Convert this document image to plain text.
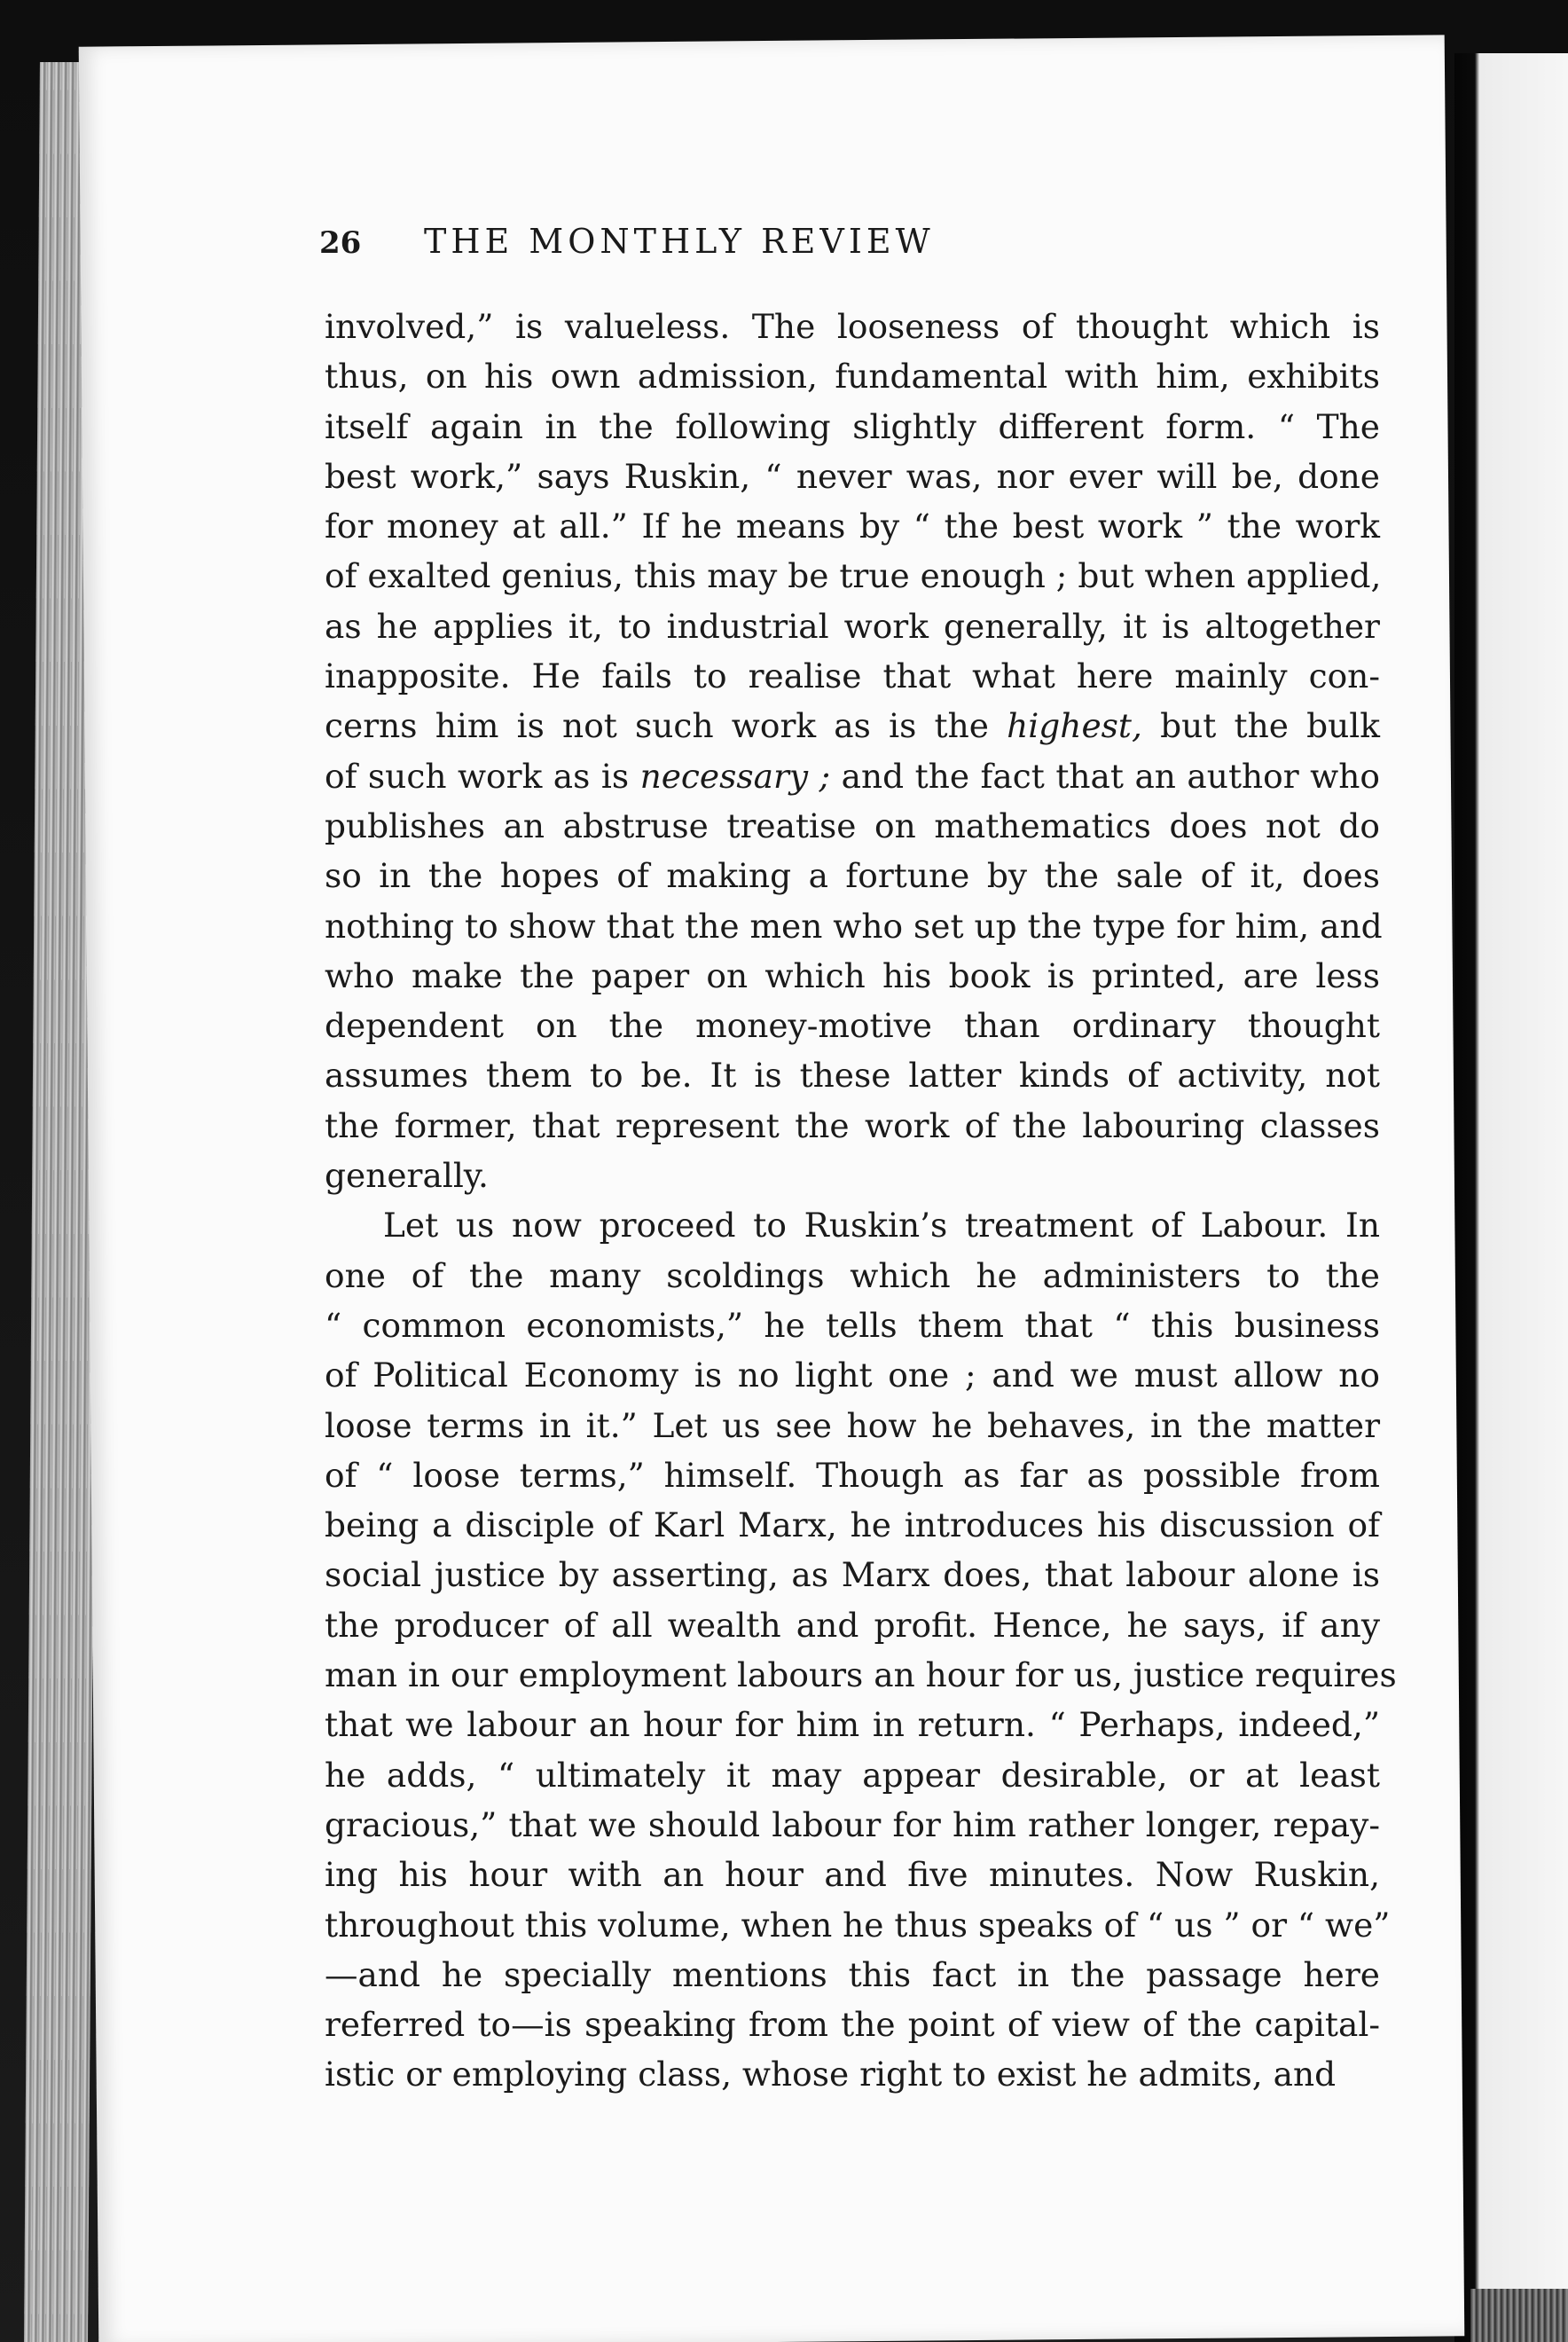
26	THE MONTHLY REVIEW
involved,” is valueless. The looseness of thought which is
thus, on his own admission, fundamental with him, exhibits
itself again in the following slightly different form. “ The
best work,” says Ruskin, “ never was, nor ever will be, done
for money at all.” If he means by “ the best work ” the work
of exalted genius, this may be true enough ; but when applied,
as he applies it, to industrial work generally, it is altogether
inapposite. He fails to realise that what here mainly con-
cerns him is not such work as is the highest, but the bulk
of such work as is necessary ; and the fact that an author who
publishes an abstruse treatise on mathematics does not do
so in the hopes of making a fortune by the sale of it, does
nothing to show that the men who set up the type for him, and
who make the paper on which his book is printed, are less
dependent on the money-motive than ordinary thought
assumes them to be. It is these latter kinds of activity, not
the former, that represent the work of the labouring classes
generally.
Let us now proceed to Ruskin’s treatment of Labour. In
one of the many scoldings which he administers to the
“ common economists,” he tells them that “ this business
of Political Economy is no light one ; and we must allow no
loose terms in it.” Let us see how he behaves, in the matter
of “ loose terms,” himself. Though as far as possible from
being a disciple of Karl Marx, he introduces his discussion of
social justice by asserting, as Marx does, that labour alone is
the producer of all wealth and profit. Hence, he says, if any
man in our employment labours an hour for us, justice requires
that we labour an hour for him in return. “ Perhaps, indeed,”
he adds, “ ultimately it may appear desirable, or at least
gracious,” that we should labour for him rather longer, repay-
ing his hour with an hour and five minutes. Now Ruskin,
throughout this volume, when he thus speaks of “ us ” or “ we”
—and he specially mentions this fact in the passage here
referred to—is speaking from the point of view of the capital-
istic or employing class, whose right to exist he admits, and
